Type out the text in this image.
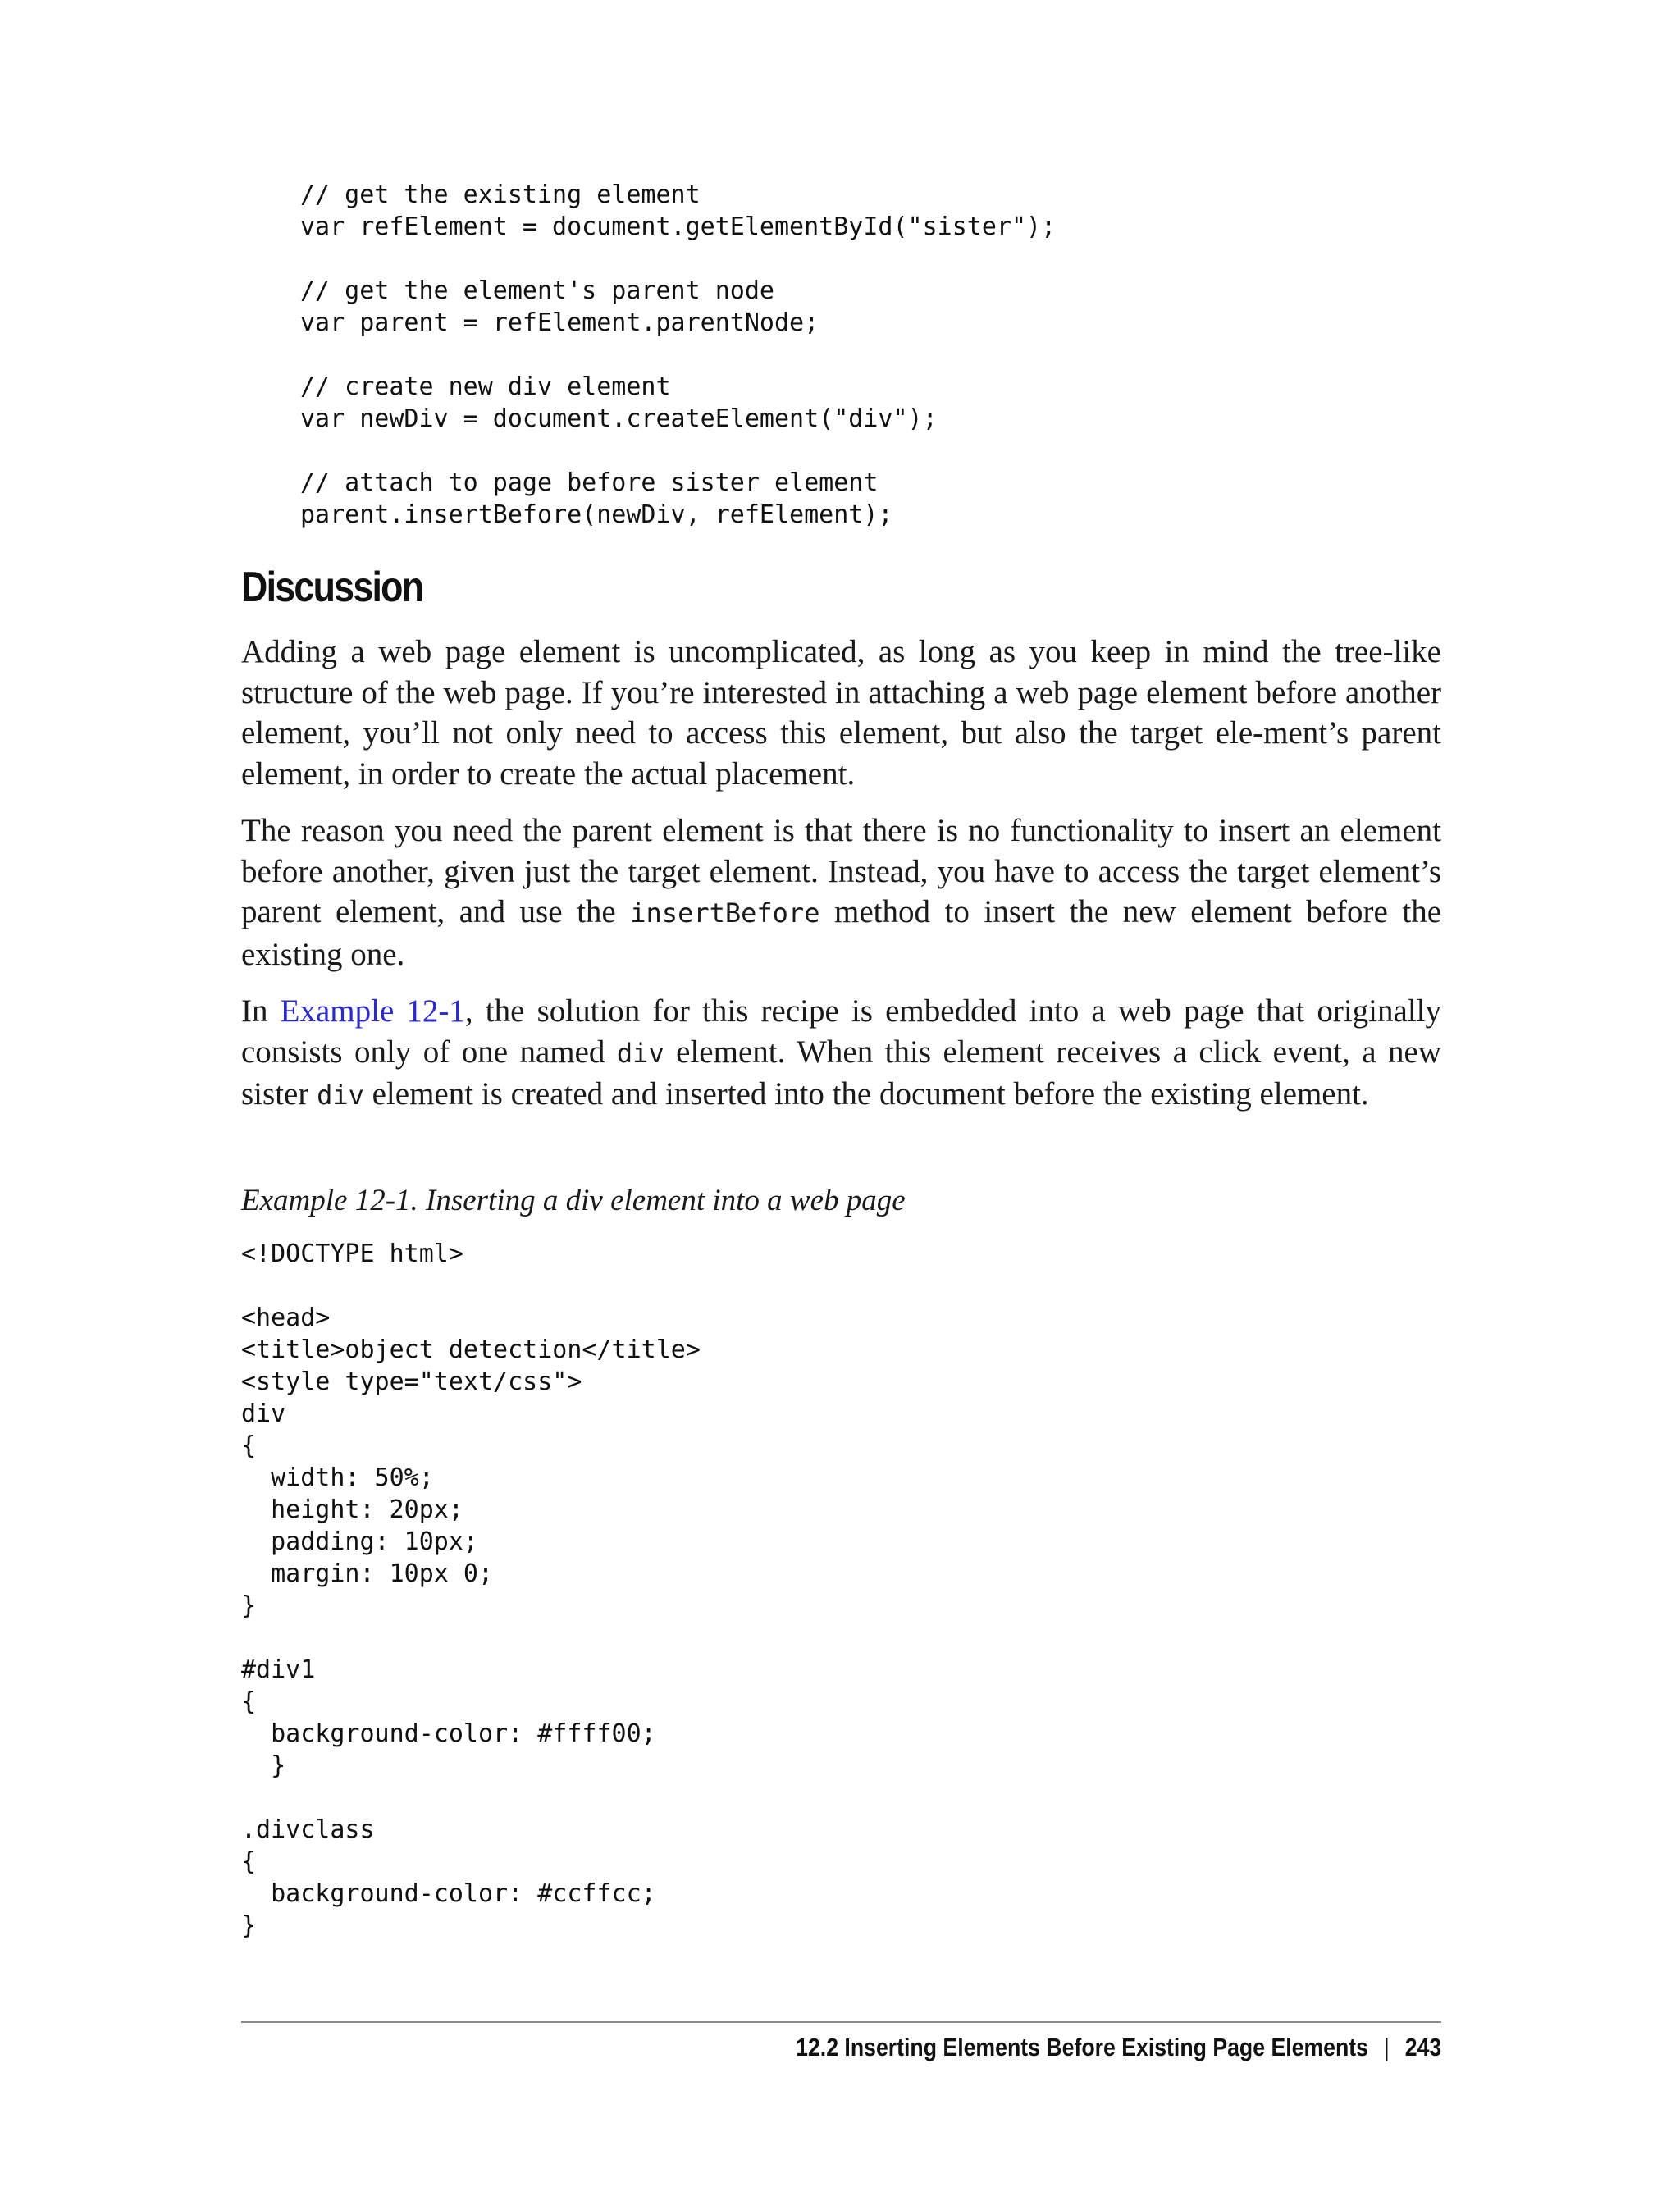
// get the existing element
var refElement = document.getElementById("sister");

// get the element's parent node
var parent = refElement.parentNode;

// create new div element
var newDiv = document.createElement("div");

// attach to page before sister element
parent.insertBefore(newDiv, refElement);
Discussion

Adding a web page element is uncomplicated, as long as you keep in mind the tree-like structure of the web page. If you’re interested in attaching a web page element before another element, you’ll not only need to access this element, but also the target ele-ment’s parent element, in order to create the actual placement.

The reason you need the parent element is that there is no functionality to insert an element before another, given just the target element. Instead, you have to access the target element’s parent element, and use the insertBefore method to insert the new element before the existing one.

In Example 12-1, the solution for this recipe is embedded into a web page that originally consists only of one named div element. When this element receives a click event, a new sister div element is created and inserted into the document before the existing element.

Example 12-1. Inserting a div element into a web page
<!DOCTYPE html>

<head>
<title>object detection</title>
<style type="text/css">
div
{
width: 50%;
height: 20px;
padding: 10px;
margin: 10px 0;
}

#div1
{
background-color: #ffff00;
}

.divclass
{
background-color: #ccffcc;
}
12.2 Inserting Elements Before Existing Page Elements | 243
